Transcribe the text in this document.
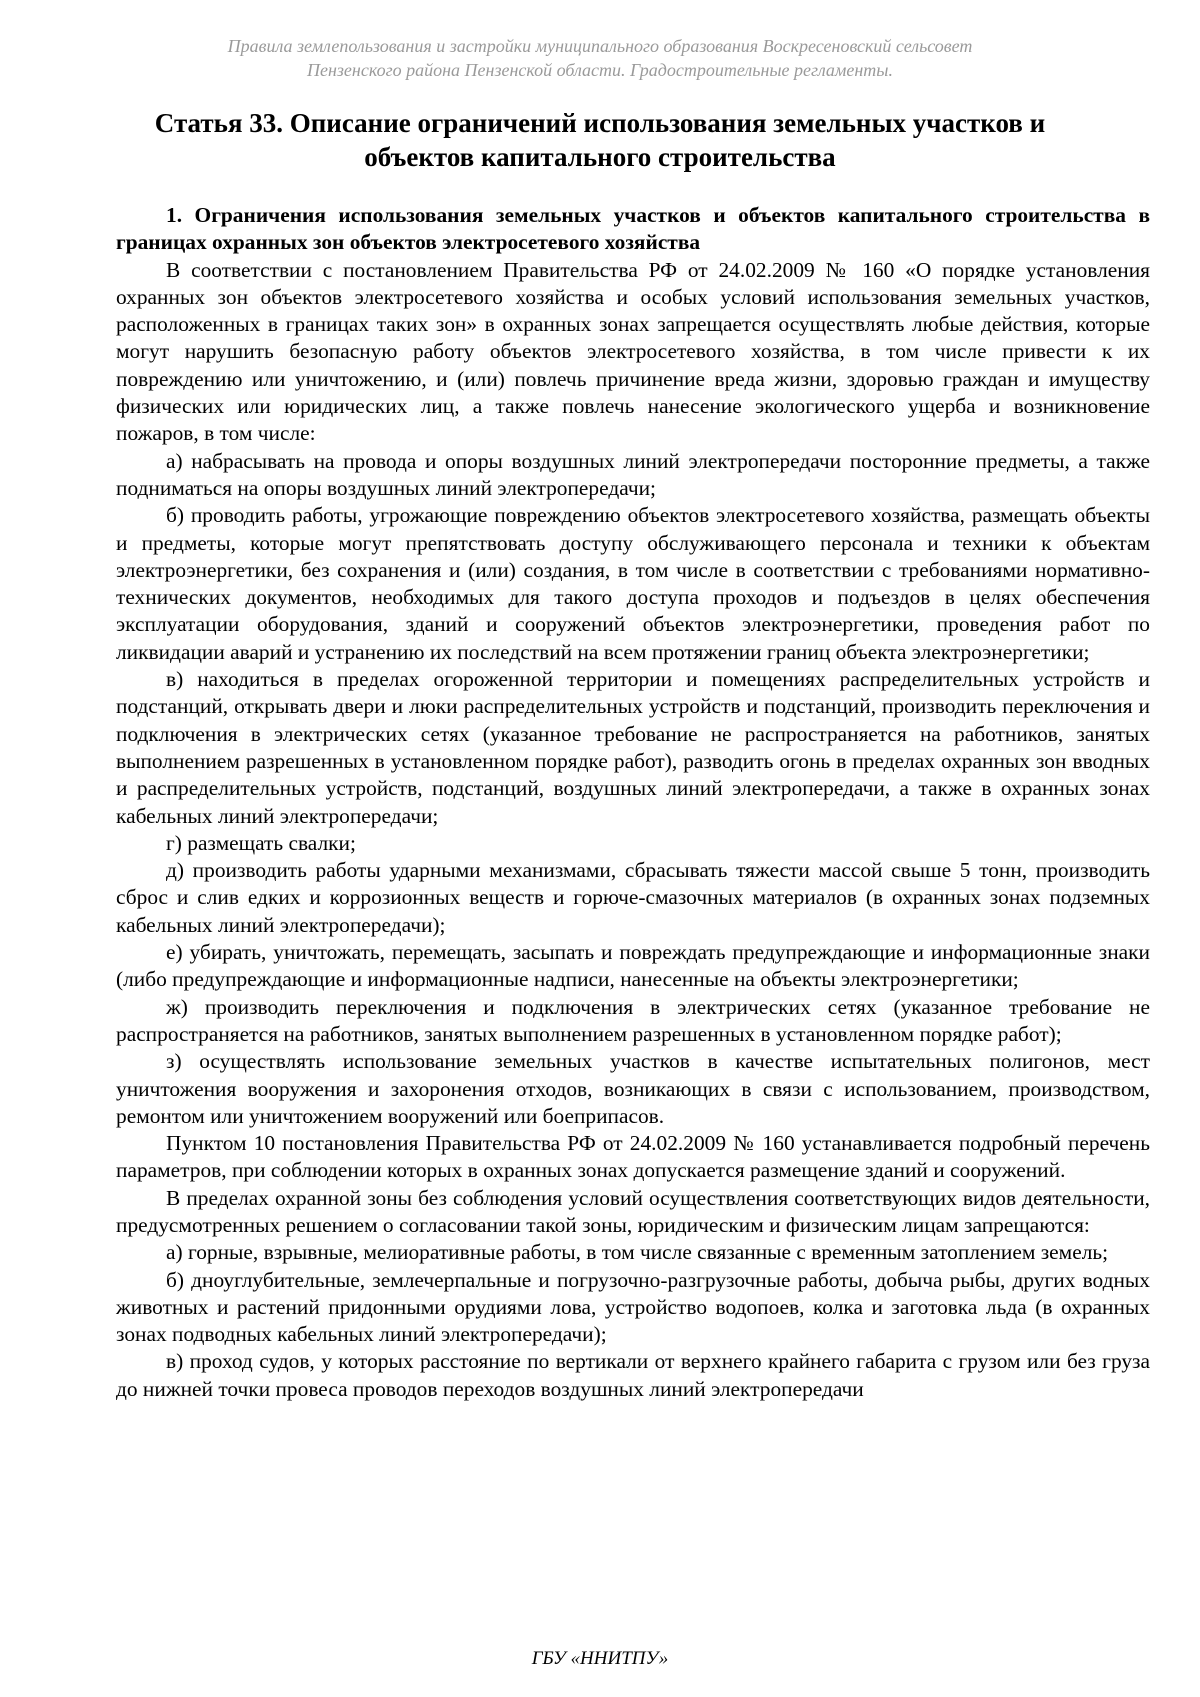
Правила землепользования и застройки муниципального образования Воскресеновский сельсовет
Пензенского района Пензенской области. Градостроительные регламенты.
Статья 33. Описание ограничений использования земельных участков и
объектов капитального строительства

1. Ограничения использования земельных участков и объектов капитального строительства в границах охранных зон объектов электросетевого хозяйства

В соответствии с постановлением Правительства РФ от 24.02.2009 № 160 «О порядке установления охранных зон объектов электросетевого хозяйства и особых условий использования земельных участков, расположенных в границах таких зон» в охранных зонах запрещается осуществлять любые действия, которые могут нарушить безопасную работу объектов электросетевого хозяйства, в том числе привести к их повреждению или уничтожению, и (или) повлечь причинение вреда жизни, здоровью граждан и имуществу физических или юридических лиц, а также повлечь нанесение экологического ущерба и возникновение пожаров, в том числе:

а) набрасывать на провода и опоры воздушных линий электропередачи посторонние предметы, а также подниматься на опоры воздушных линий электропередачи;

б) проводить работы, угрожающие повреждению объектов электросетевого хозяйства, размещать объекты и предметы, которые могут препятствовать доступу обслуживающего персонала и техники к объектам электроэнергетики, без сохранения и (или) создания, в том числе в соответствии с требованиями нормативно-технических документов, необходимых для такого доступа проходов и подъездов в целях обеспечения эксплуатации оборудования, зданий и сооружений объектов электроэнергетики, проведения работ по ликвидации аварий и устранению их последствий на всем протяжении границ объекта электроэнергетики;

в) находиться в пределах огороженной территории и помещениях распределительных устройств и подстанций, открывать двери и люки распределительных устройств и подстанций, производить переключения и подключения в электрических сетях (указанное требование не распространяется на работников, занятых выполнением разрешенных в установленном порядке работ), разводить огонь в пределах охранных зон вводных и распределительных устройств, подстанций, воздушных линий электропередачи, а также в охранных зонах кабельных линий электропередачи;

г) размещать свалки;

д) производить работы ударными механизмами, сбрасывать тяжести массой свыше 5 тонн, производить сброс и слив едких и коррозионных веществ и горюче-смазочных материалов (в охранных зонах подземных кабельных линий электропередачи);

е) убирать, уничтожать, перемещать, засыпать и повреждать предупреждающие и информационные знаки (либо предупреждающие и информационные надписи, нанесенные на объекты электроэнергетики;

ж) производить переключения и подключения в электрических сетях (указанное требование не распространяется на работников, занятых выполнением разрешенных в установленном порядке работ);

з) осуществлять использование земельных участков в качестве испытательных полигонов, мест уничтожения вооружения и захоронения отходов, возникающих в связи с использованием, производством, ремонтом или уничтожением вооружений или боеприпасов.

Пунктом 10 постановления Правительства РФ от 24.02.2009 № 160 устанавливается подробный перечень параметров, при соблюдении которых в охранных зонах допускается размещение зданий и сооружений.

В пределах охранной зоны без соблюдения условий осуществления соответствующих видов деятельности, предусмотренных решением о согласовании такой зоны, юридическим и физическим лицам запрещаются:

а) горные, взрывные, мелиоративные работы, в том числе связанные с временным затоплением земель;

б) дноуглубительные, землечерпальные и погрузочно-разгрузочные работы, добыча рыбы, других водных животных и растений придонными орудиями лова, устройство водопоев, колка и заготовка льда (в охранных зонах подводных кабельных линий электропередачи);

в) проход судов, у которых расстояние по вертикали от верхнего крайнего габарита с грузом или без груза до нижней точки провеса проводов переходов воздушных линий электропередачи

ГБУ «ННИТПУ»
